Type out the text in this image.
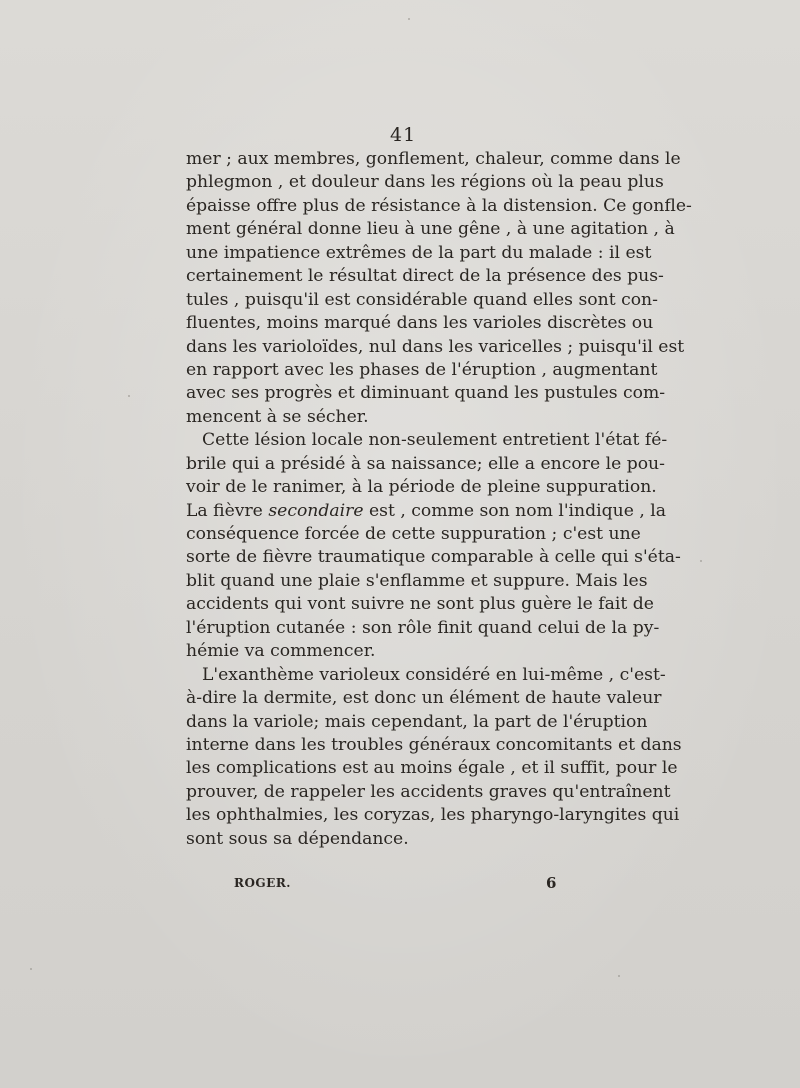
41
mer ; aux membres, gonflement, chaleur, comme dans le
phlegmon , et douleur dans les régions où la peau plus
épaisse offre plus de résistance à la distension. Ce gonfle-
ment général donne lieu à une gêne , à une agitation , à
une impatience extrêmes de la part du malade : il est
certainement le résultat direct de la présence des pus-
tules , puisqu'il est considérable quand elles sont con-
fluentes, moins marqué dans les varioles discrètes ou
dans les varioloïdes, nul dans les varicelles ; puisqu'il est
en rapport avec les phases de l'éruption , augmentant
avec ses progrès et diminuant quand les pustules com-
mencent à se sécher.
Cette lésion locale non-seulement entretient l'état fé-
brile qui a présidé à sa naissance; elle a encore le pou-
voir de le ranimer, à la période de pleine suppuration.
La fièvre secondaire est , comme son nom l'indique , la
conséquence forcée de cette suppuration ; c'est une
sorte de fièvre traumatique comparable à celle qui s'éta-
blit quand une plaie s'enflamme et suppure. Mais les
accidents qui vont suivre ne sont plus guère le fait de
l'éruption cutanée : son rôle finit quand celui de la py-
hémie va commencer.
L'exanthème varioleux considéré en lui-même , c'est-
à-dire la dermite, est donc un élément de haute valeur
dans la variole; mais cependant, la part de l'éruption
interne dans les troubles généraux concomitants et dans
les complications est au moins égale , et il suffit, pour le
prouver, de rappeler les accidents graves qu'entraînent
les ophthalmies, les coryzas, les pharyngo-laryngites qui
sont sous sa dépendance.
ROGER.	6
